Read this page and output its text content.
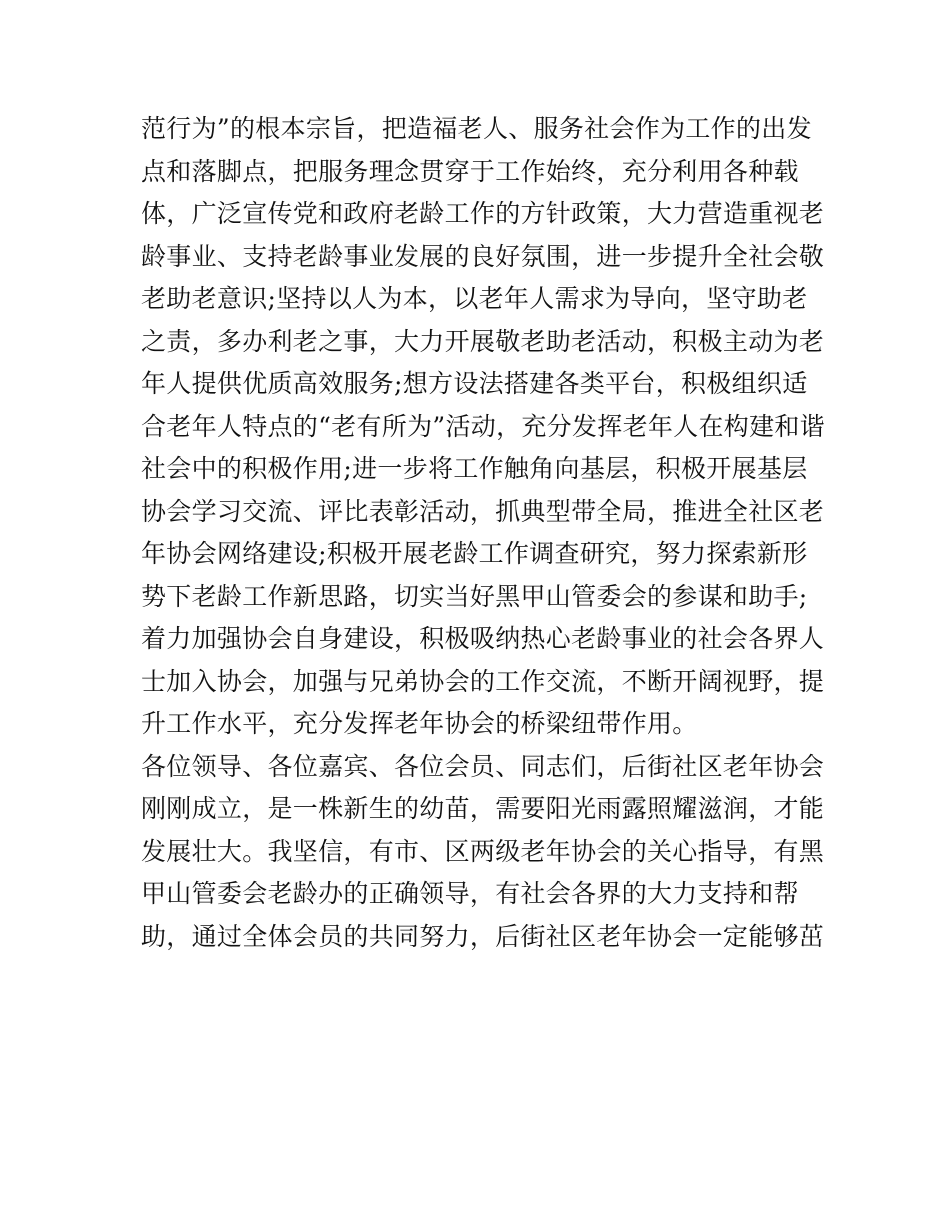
范行为”的根本宗旨，把造福老人、服务社会作为工作的出发
点和落脚点，把服务理念贯穿于工作始终，充分利用各种载
体，广泛宣传党和政府老龄工作的方针政策，大力营造重视老
龄事业、支持老龄事业发展的良好氛围，进一步提升全社会敬
老助老意识;坚持以人为本，以老年人需求为导向，坚守助老
之责，多办利老之事，大力开展敬老助老活动，积极主动为老
年人提供优质高效服务;想方设法搭建各类平台，积极组织适
合老年人特点的“老有所为”活动，充分发挥老年人在构建和谐
社会中的积极作用;进一步将工作触角向基层，积极开展基层
协会学习交流、评比表彰活动，抓典型带全局，推进全社区老
年协会网络建设;积极开展老龄工作调查研究，努力探索新形
势下老龄工作新思路，切实当好黑甲山管委会的参谋和助手;
着力加强协会自身建设，积极吸纳热心老龄事业的社会各界人
士加入协会，加强与兄弟协会的工作交流，不断开阔视野，提
升工作水平，充分发挥老年协会的桥梁纽带作用。
各位领导、各位嘉宾、各位会员、同志们，后街社区老年协会
刚刚成立，是一株新生的幼苗，需要阳光雨露照耀滋润，才能
发展壮大。我坚信，有市、区两级老年协会的关心指导，有黑
甲山管委会老龄办的正确领导，有社会各界的大力支持和帮
助，通过全体会员的共同努力，后街社区老年协会一定能够茁
